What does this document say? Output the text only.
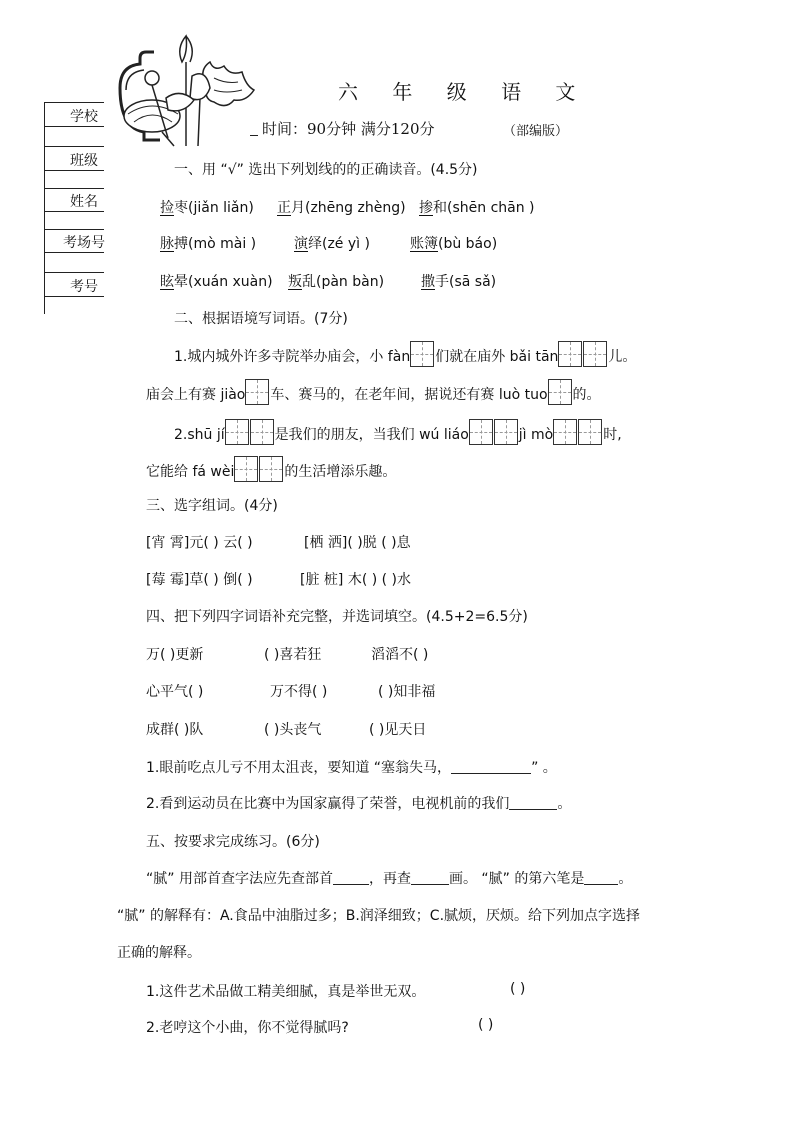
六 年 级 语 文
时间：90分钟 满分120分	（部编版）
学校
班级
姓名
考场号
考号
一、用 “√” 选出下列划线的的正确读音。(4.5分)
捡枣(jiǎn liǎn) 正月(zhēng zhèng) 掺和(shēn chān )
脉搏(mò mài )	演绎(zé yì )	账簿(bù báo)
眩晕(xuán xuàn) 叛乱(pàn bàn)	撒手(sā sǎ)
二、根据语境写词语。(7分)
1.城内城外许多寺院举办庙会，小 fàn 们就在庙外 bǎi tān	儿。
庙会上有赛 jiào 车、赛马的，在老年间，据说还有赛 luò tuo 的。
2.shū jí	是我们的朋友，当我们 wú liáo	jì mò	时,
它能给 fá wèi	的生活增添乐趣。
三、选字组词。(4分)
[宵 霄]元( ) 云( )	[栖 洒]( )脱 ( )息
[莓 霉]草( ) 倒( )	[脏 桩] 木( ) ( )水
四、把下列四字词语补充完整，并选词填空。(4.5+2=6.5分)
万( )更新	( )喜若狂	滔滔不( )
心平气( )	万不得( )	( )知非福
成群( )队	( )头丧气	( )见天日
1.眼前吃点儿亏不用太沮丧，要知道 “塞翁失马，	” 。
2.看到运动员在比赛中为国家赢得了荣誉，电视机前的我们	。
五、按要求完成练习。(6分)
“腻” 用部首查字法应先查部首	，再查	画。 “腻” 的第六笔是 。
“腻” 的解释有：A.食品中油脂过多；B.润泽细致；C.腻烦，厌烦。给下列加点字选择
正确的解释。
1.这件艺术品做工精美细腻，真是举世无双。	( )
2.老哼这个小曲，你不觉得腻吗?	( )
